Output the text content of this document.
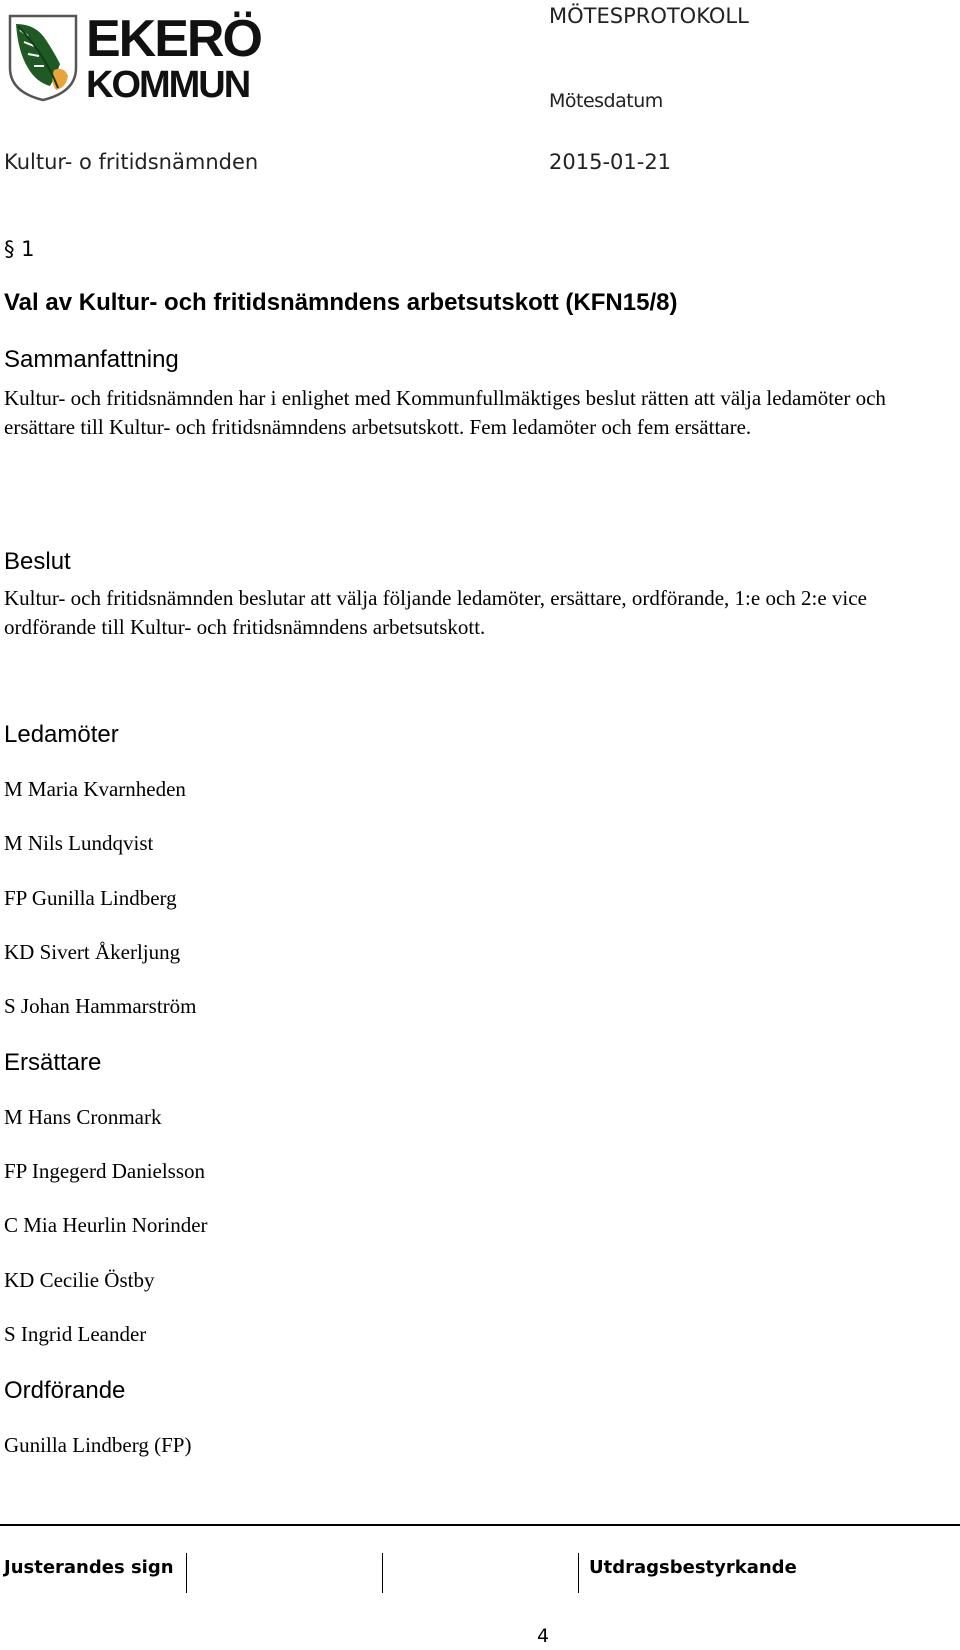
EKERÖ
KOMMUN

MÖTESPROTOKOLL

Mötesdatum

Kultur- o fritidsnämnden	2015-01-21

§ 1

Val av Kultur- och fritidsnämndens arbetsutskott (KFN15/8)
Sammanfattning

Kultur- och fritidsnämnden har i enlighet med Kommunfullmäktiges beslut rätten att välja ledamöter och ersättare till Kultur- och fritidsnämndens arbetsutskott. Fem ledamöter och fem ersättare.

Beslut

Kultur- och fritidsnämnden beslutar att välja följande ledamöter, ersättare, ordförande, 1:e och 2:e vice ordförande till Kultur- och fritidsnämndens arbetsutskott.

Ledamöter

M Maria Kvarnheden

M Nils Lundqvist

FP Gunilla Lindberg

KD Sivert Åkerljung

S Johan Hammarström

Ersättare

M Hans Cronmark

FP Ingegerd Danielsson

C Mia Heurlin Norinder

KD Cecilie Östby

S Ingrid Leander

Ordförande

Gunilla Lindberg (FP)

Justerandes sign	Utdragsbestyrkande

4
